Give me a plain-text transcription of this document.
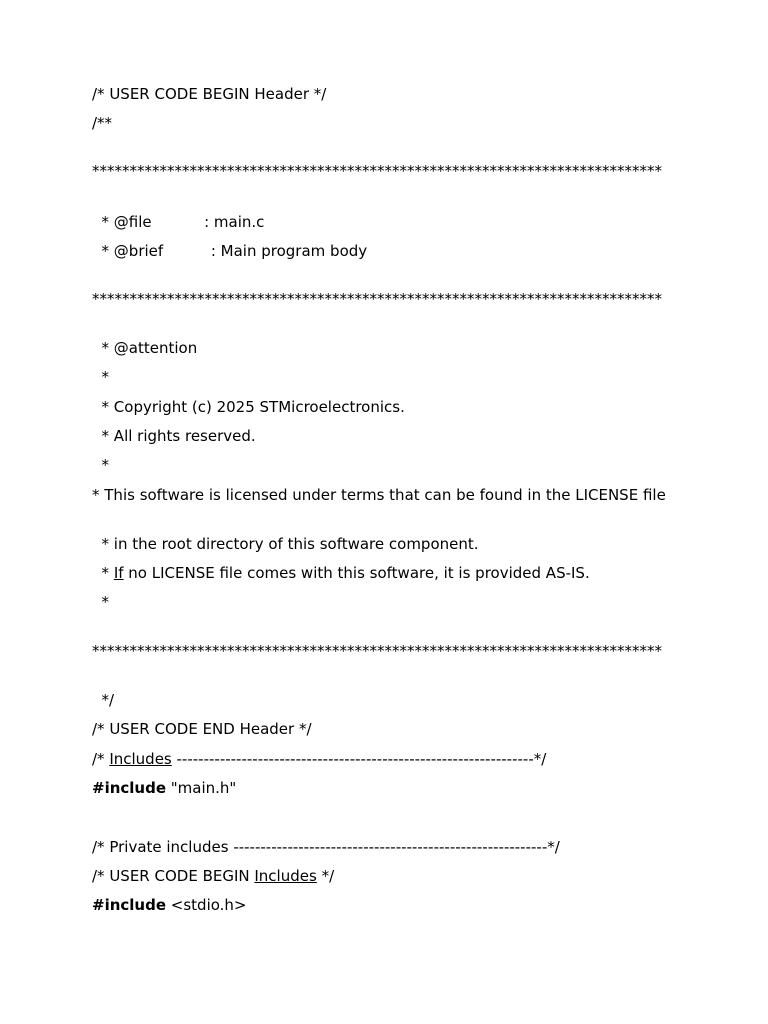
/* USER CODE BEGIN Header */
/**
****************************************************************************
* @file           : main.c
* @brief          : Main program body
****************************************************************************
* @attention
*
* Copyright (c) 2025 STMicroelectronics.
* All rights reserved.
*
* This software is licensed under terms that can be found in the LICENSE file
* in the root directory of this software component.
* If no LICENSE file comes with this software, it is provided AS-IS.
*
****************************************************************************
*/
/* USER CODE END Header */
/* Includes ------------------------------------------------------------------*/
#include "main.h"
/* Private includes ----------------------------------------------------------*/
/* USER CODE BEGIN Includes */
#include <stdio.h>
